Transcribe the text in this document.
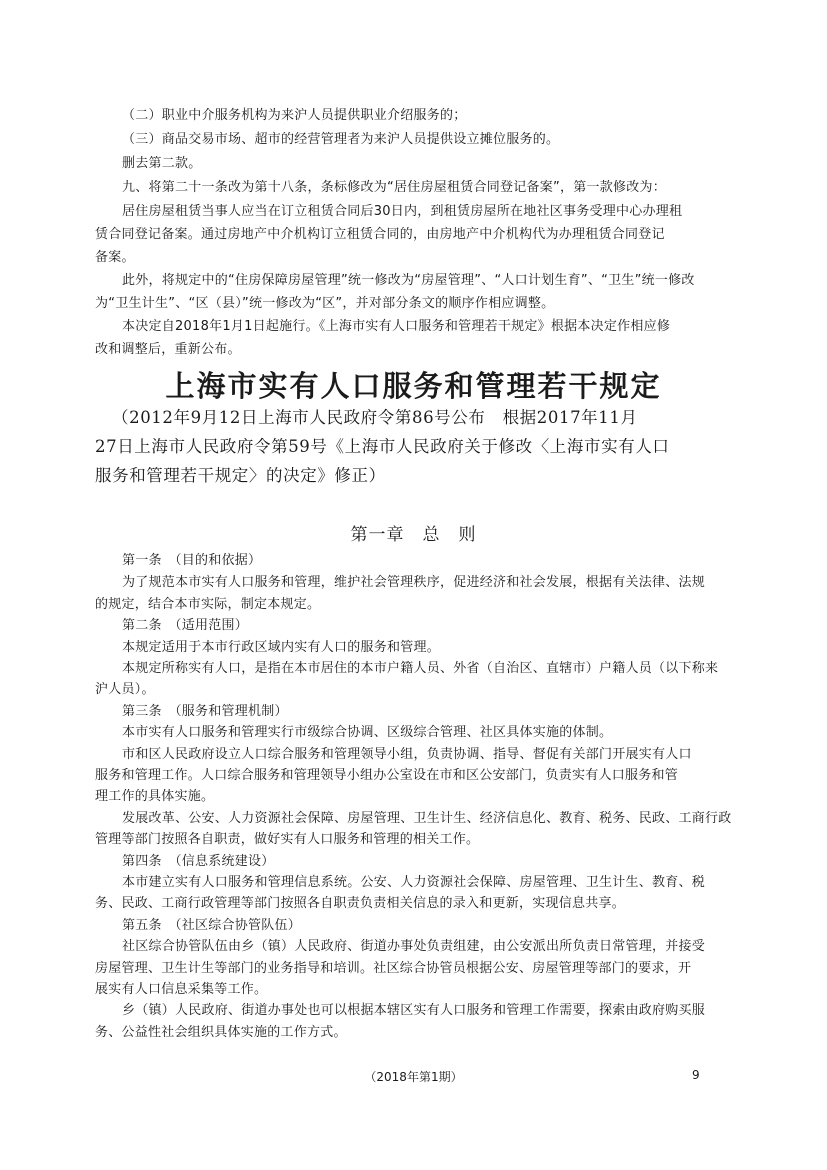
（二）职业中介服务机构为来沪人员提供职业介绍服务的；
（三）商品交易市场、超市的经营管理者为来沪人员提供设立摊位服务的。
删去第二款。
九、将第二十一条改为第十八条，条标修改为“居住房屋租赁合同登记备案”，第一款修改为：
居住房屋租赁当事人应当在订立租赁合同后30日内，到租赁房屋所在地社区事务受理中心办理租
赁合同登记备案。通过房地产中介机构订立租赁合同的，由房地产中介机构代为办理租赁合同登记
备案。
此外，将规定中的“住房保障房屋管理”统一修改为“房屋管理”、“人口计划生育”、“卫生”统一修改
为“卫生计生”、“区（县）”统一修改为“区”，并对部分条文的顺序作相应调整。
本决定自2018年1月1日起施行。《上海市实有人口服务和管理若干规定》根据本决定作相应修
改和调整后，重新公布。
上海市实有人口服务和管理若干规定
（2012年9月12日上海市人民政府令第86号公布　根据2017年11月
27日上海市人民政府令第59号《上海市人民政府关于修改〈上海市实有人口
服务和管理若干规定〉的决定》修正）
第一章　总　则
第一条　（目的和依据）
为了规范本市实有人口服务和管理，维护社会管理秩序，促进经济和社会发展，根据有关法律、法规
的规定，结合本市实际，制定本规定。
第二条　（适用范围）
本规定适用于本市行政区域内实有人口的服务和管理。
本规定所称实有人口，是指在本市居住的本市户籍人员、外省（自治区、直辖市）户籍人员（以下称来
沪人员）。
第三条　（服务和管理机制）
本市实有人口服务和管理实行市级综合协调、区级综合管理、社区具体实施的体制。
市和区人民政府设立人口综合服务和管理领导小组，负责协调、指导、督促有关部门开展实有人口
服务和管理工作。人口综合服务和管理领导小组办公室设在市和区公安部门，负责实有人口服务和管
理工作的具体实施。
发展改革、公安、人力资源社会保障、房屋管理、卫生计生、经济信息化、教育、税务、民政、工商行政
管理等部门按照各自职责，做好实有人口服务和管理的相关工作。
第四条　（信息系统建设）
本市建立实有人口服务和管理信息系统。公安、人力资源社会保障、房屋管理、卫生计生、教育、税
务、民政、工商行政管理等部门按照各自职责负责相关信息的录入和更新，实现信息共享。
第五条　（社区综合协管队伍）
社区综合协管队伍由乡（镇）人民政府、街道办事处负责组建，由公安派出所负责日常管理，并接受
房屋管理、卫生计生等部门的业务指导和培训。社区综合协管员根据公安、房屋管理等部门的要求，开
展实有人口信息采集等工作。
乡（镇）人民政府、街道办事处也可以根据本辖区实有人口服务和管理工作需要，探索由政府购买服
务、公益性社会组织具体实施的工作方式。
（2018年第1期）	9
